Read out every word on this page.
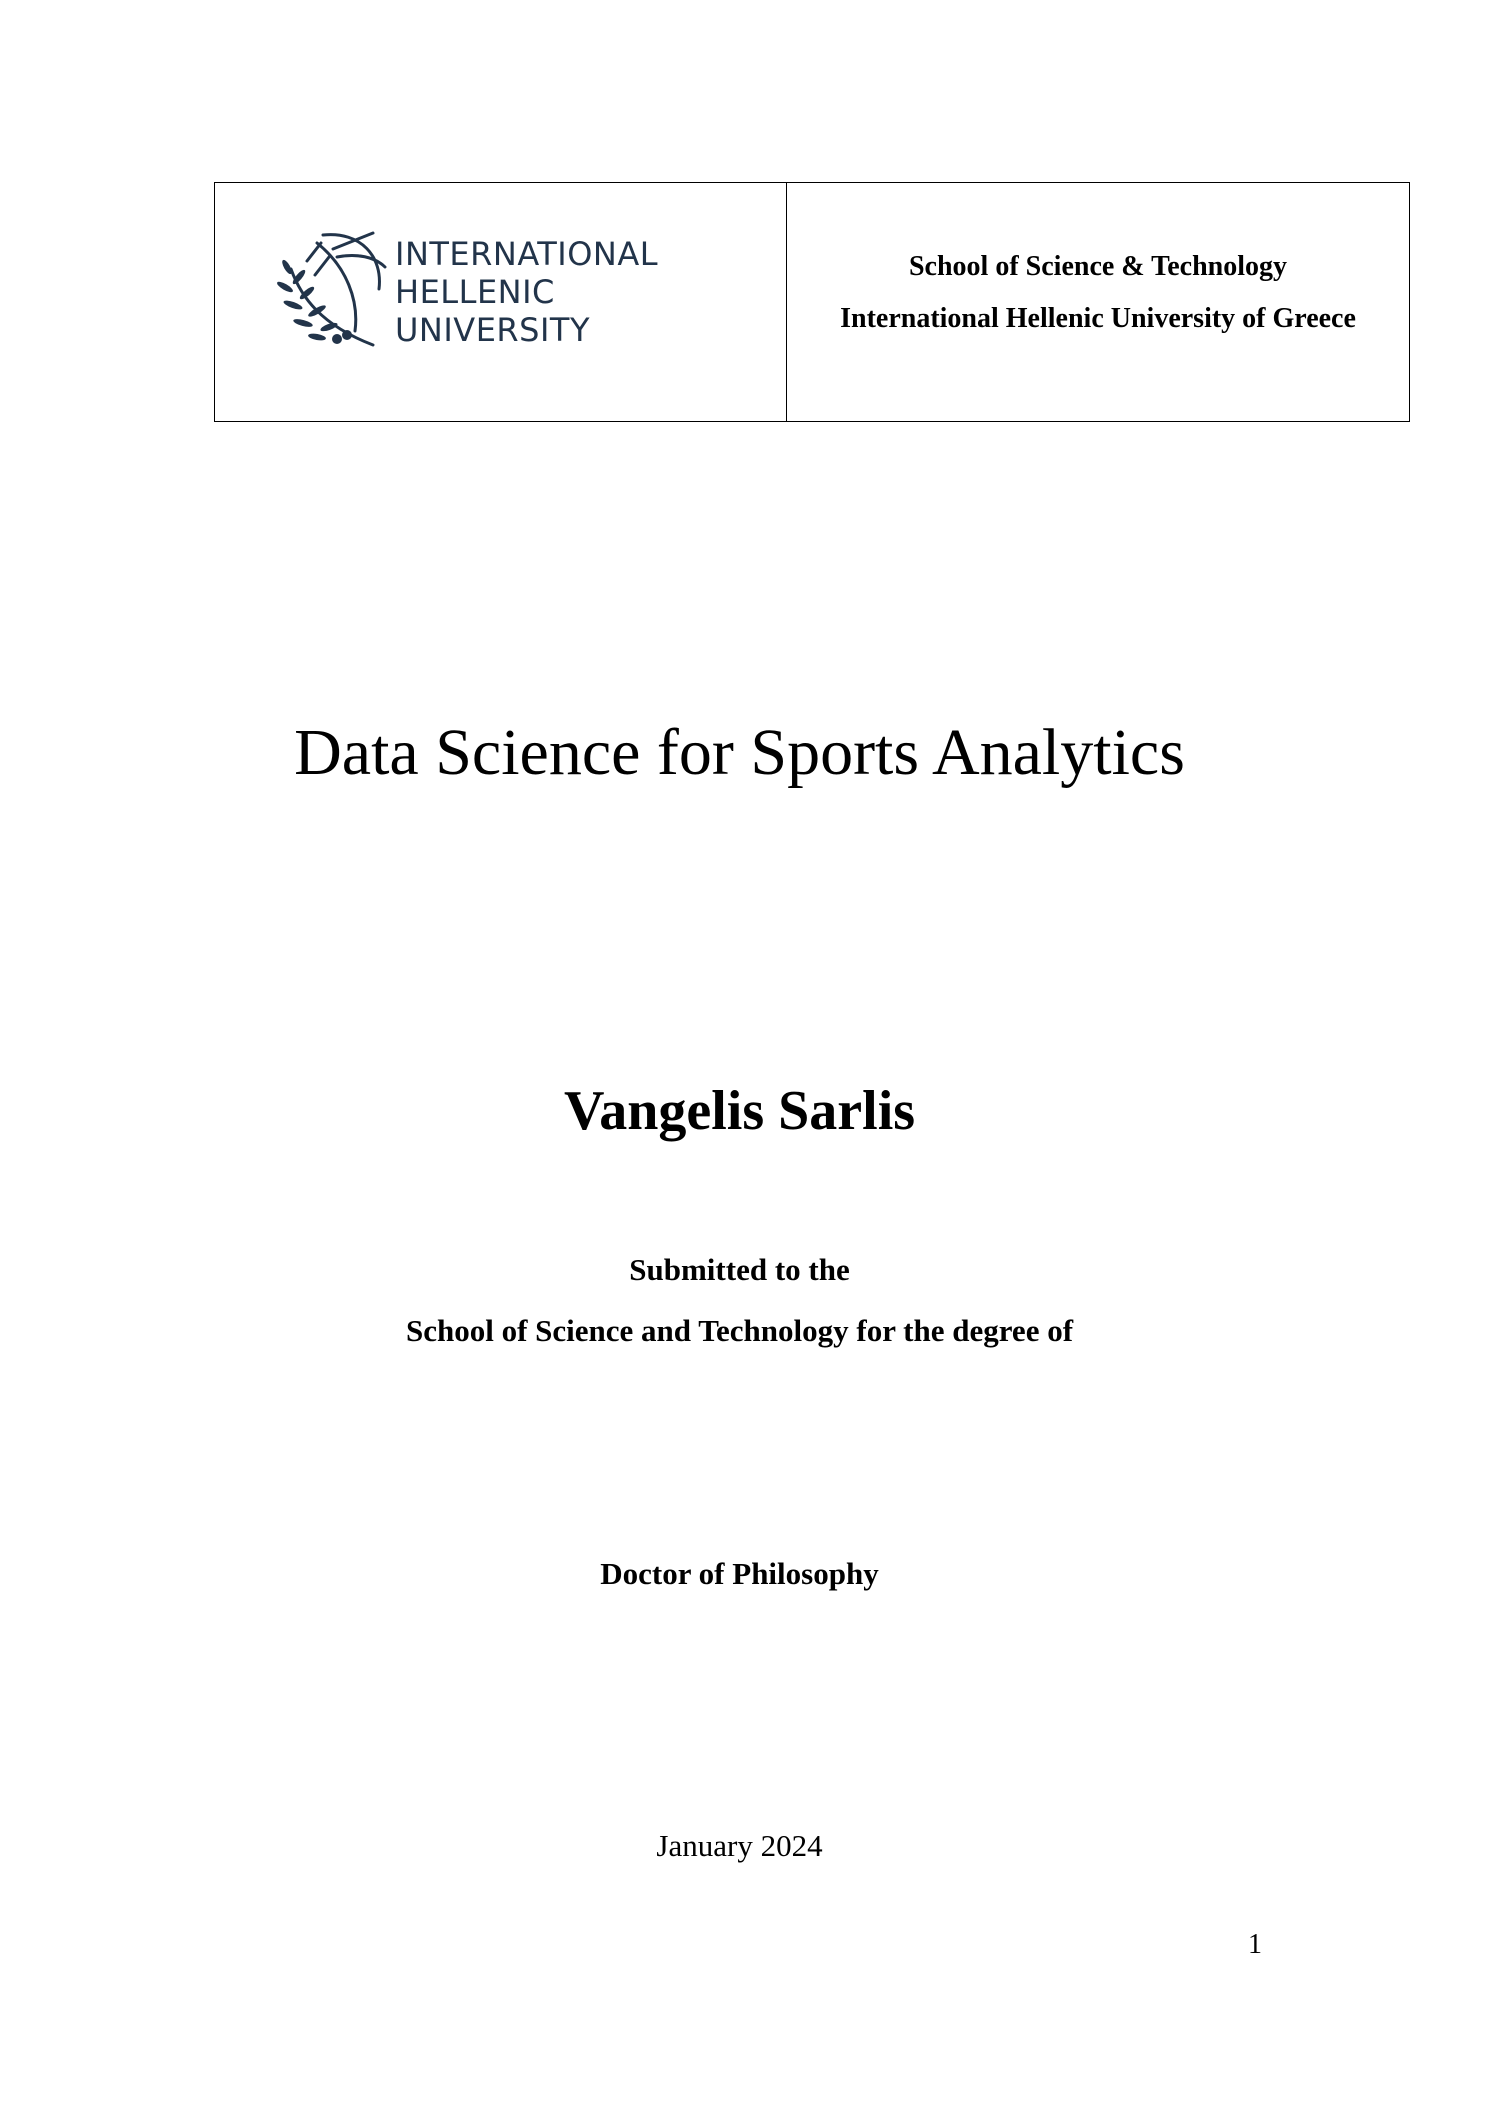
INTERNATIONAL
HELLENIC
UNIVERSITY
School of Science & Technology
International Hellenic University of Greece
Data Science for Sports Analytics
Vangelis Sarlis
Submitted to the
School of Science and Technology for the degree of
Doctor of Philosophy
January 2024
1
